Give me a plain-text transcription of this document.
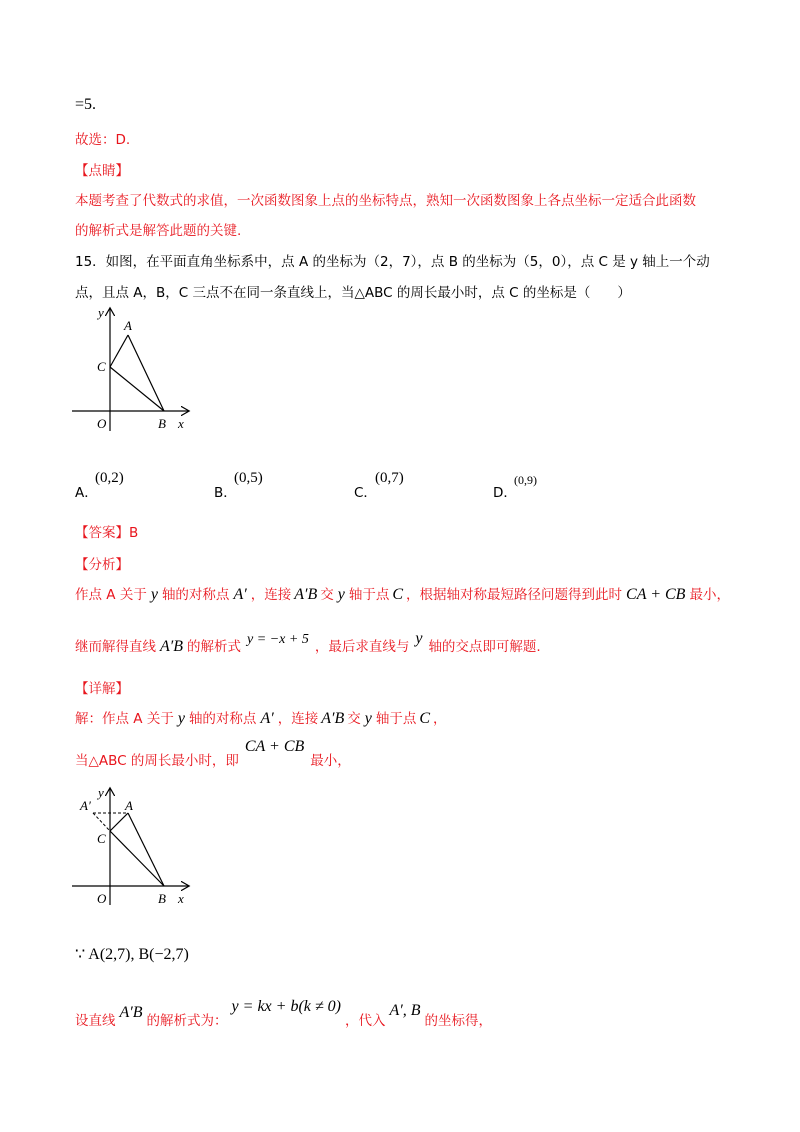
=5.
故选：D.
【点睛】
本题考查了代数式的求值，一次函数图象上点的坐标特点，熟知一次函数图象上各点坐标一定适合此函数
的解析式是解答此题的关键.
15．如图，在平面直角坐标系中，点 A 的坐标为（2，7），点 B 的坐标为（5，0），点 C 是 y 轴上一个动
点，且点 A，B，C 三点不在同一条直线上，当△ABC 的周长最小时，点 C 的坐标是（　　）
y
A
C
O	B x
A．
(0,2)
B．
(0,5)
C．
(0,7)
D．
(0,9)
【答案】B
【分析】
作点 A 关于 y 轴的对称点 A′ ，连接 A′B 交 y 轴于点 C ，根据轴对称最短路径问题得到此时 CA + CB 最小，
继而解得直线 A′B 的解析式 y = −x + 5 ，最后求直线与 y 轴的交点即可解题.
【详解】
解：作点 A 关于 y 轴的对称点 A′ ，连接 A′B 交 y 轴于点 C ，
当△ABC 的周长最小时，即CA + CB最小，
y
A′	A
C
O	B x
∵ A(2,7), B(−2,7)
设直线 A′B 的解析式为：y = kx + b(k ≠ 0)，代入A′, B的坐标得，
